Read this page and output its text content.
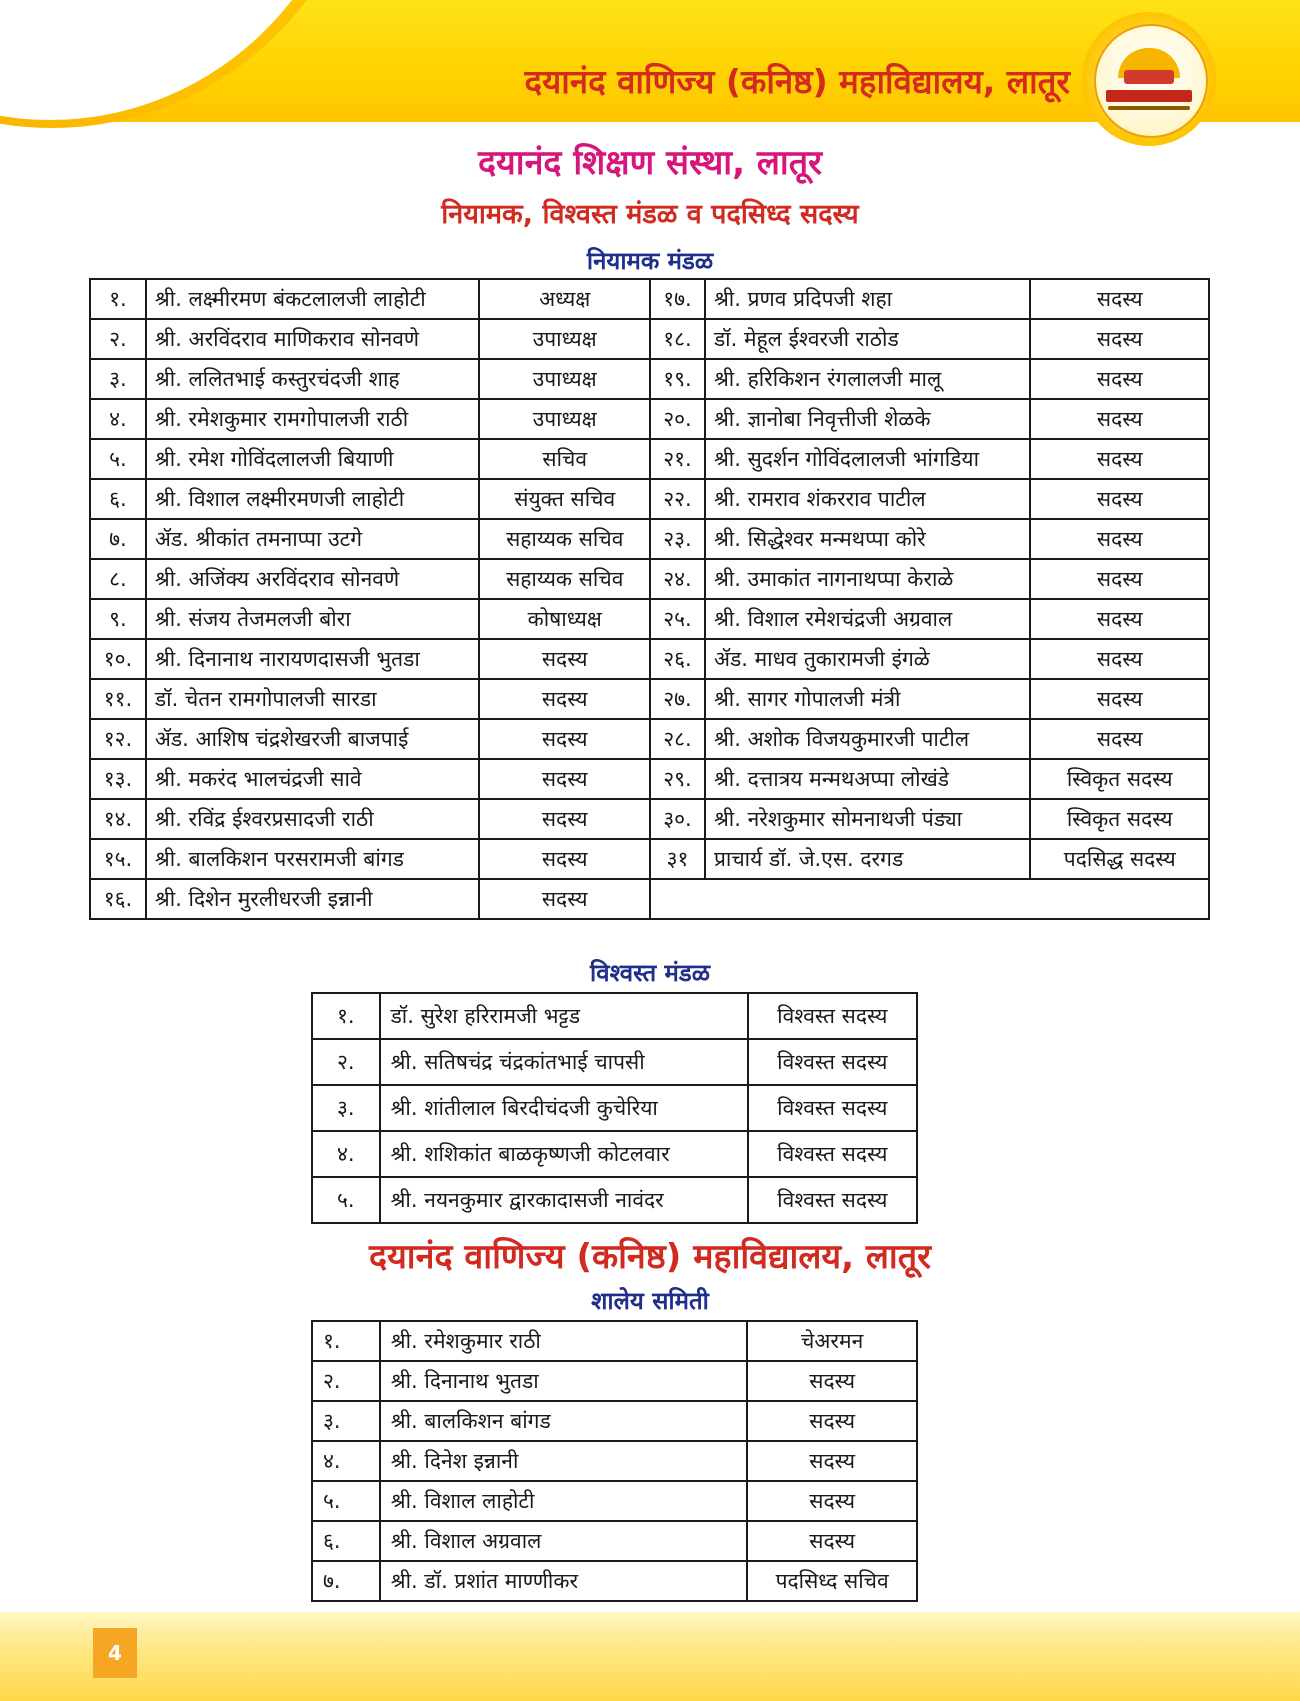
दयानंद वाणिज्य (कनिष्ठ) महाविद्यालय, लातूर
दयानंद शिक्षण संस्था, लातूर
नियामक, विश्वस्त मंडळ व पदसिध्द सदस्य
नियामक मंडळ
१.	श्री. लक्ष्मीरमण बंकटलालजी लाहोटी	अध्यक्ष	१७.	श्री. प्रणव प्रदिपजी शहा	सदस्य
२.	श्री. अरविंदराव माणिकराव सोनवणे	उपाध्यक्ष	१८.	डॉ. मेहूल ईश्वरजी राठोड	सदस्य
३.	श्री. ललितभाई कस्तुरचंदजी शाह	उपाध्यक्ष	१९.	श्री. हरिकिशन रंगलालजी मालू	सदस्य
४.	श्री. रमेशकुमार रामगोपालजी राठी	उपाध्यक्ष	२०.	श्री. ज्ञानोबा निवृत्तीजी शेळके	सदस्य
५.	श्री. रमेश गोविंदलालजी बियाणी	सचिव	२१.	श्री. सुदर्शन गोविंदलालजी भांगडिया	सदस्य
६.	श्री. विशाल लक्ष्मीरमणजी लाहोटी	संयुक्त सचिव	२२.	श्री. रामराव शंकरराव पाटील	सदस्य
७.	ॲड. श्रीकांत तमनाप्पा उटगे	सहाय्यक सचिव	२३.	श्री. सिद्धेश्वर मन्मथप्पा कोरे	सदस्य
८.	श्री. अजिंक्य अरविंदराव सोनवणे	सहाय्यक सचिव	२४.	श्री. उमाकांत नागनाथप्पा केराळे	सदस्य
९.	श्री. संजय तेजमलजी बोरा	कोषाध्यक्ष	२५.	श्री. विशाल रमेशचंद्रजी अग्रवाल	सदस्य
१०.	श्री. दिनानाथ नारायणदासजी भुतडा	सदस्य	२६.	ॲड. माधव तुकारामजी इंगळे	सदस्य
११.	डॉ. चेतन रामगोपालजी सारडा	सदस्य	२७.	श्री. सागर गोपालजी मंत्री	सदस्य
१२.	ॲड. आशिष चंद्रशेखरजी बाजपाई	सदस्य	२८.	श्री. अशोक विजयकुमारजी पाटील	सदस्य
१३.	श्री. मकरंद भालचंद्रजी सावे	सदस्य	२९.	श्री. दत्तात्रय मन्मथअप्पा लोखंडे	स्विकृत सदस्य
१४.	श्री. रविंद्र ईश्वरप्रसादजी राठी	सदस्य	३०.	श्री. नरेशकुमार सोमनाथजी पंड्या	स्विकृत सदस्य
१५.	श्री. बालकिशन परसरामजी बांगड	सदस्य	३१	प्राचार्य डॉ. जे.एस. दरगड	पदसिद्ध सदस्य
१६.	श्री. दिशेन मुरलीधरजी इन्नानी	सदस्य			
विश्वस्त मंडळ
१.	डॉ. सुरेश हरिरामजी भट्टड	विश्वस्त सदस्य
२.	श्री. सतिषचंद्र चंद्रकांतभाई चापसी	विश्वस्त सदस्य
३.	श्री. शांतीलाल बिरदीचंदजी कुचेरिया	विश्वस्त सदस्य
४.	श्री. शशिकांत बाळकृष्णजी कोटलवार	विश्वस्त सदस्य
५.	श्री. नयनकुमार द्वारकादासजी नावंदर	विश्वस्त सदस्य
दयानंद वाणिज्य (कनिष्ठ) महाविद्यालय, लातूर
शालेय समिती
१.	श्री. रमेशकुमार राठी	चेअरमन
२.	श्री. दिनानाथ भुतडा	सदस्य
३.	श्री. बालकिशन बांगड	सदस्य
४.	श्री. दिनेश इन्नानी	सदस्य
५.	श्री. विशाल लाहोटी	सदस्य
६.	श्री. विशाल अग्रवाल	सदस्य
७.	श्री. डॉ. प्रशांत माण्णीकर	पदसिध्द सचिव
4
